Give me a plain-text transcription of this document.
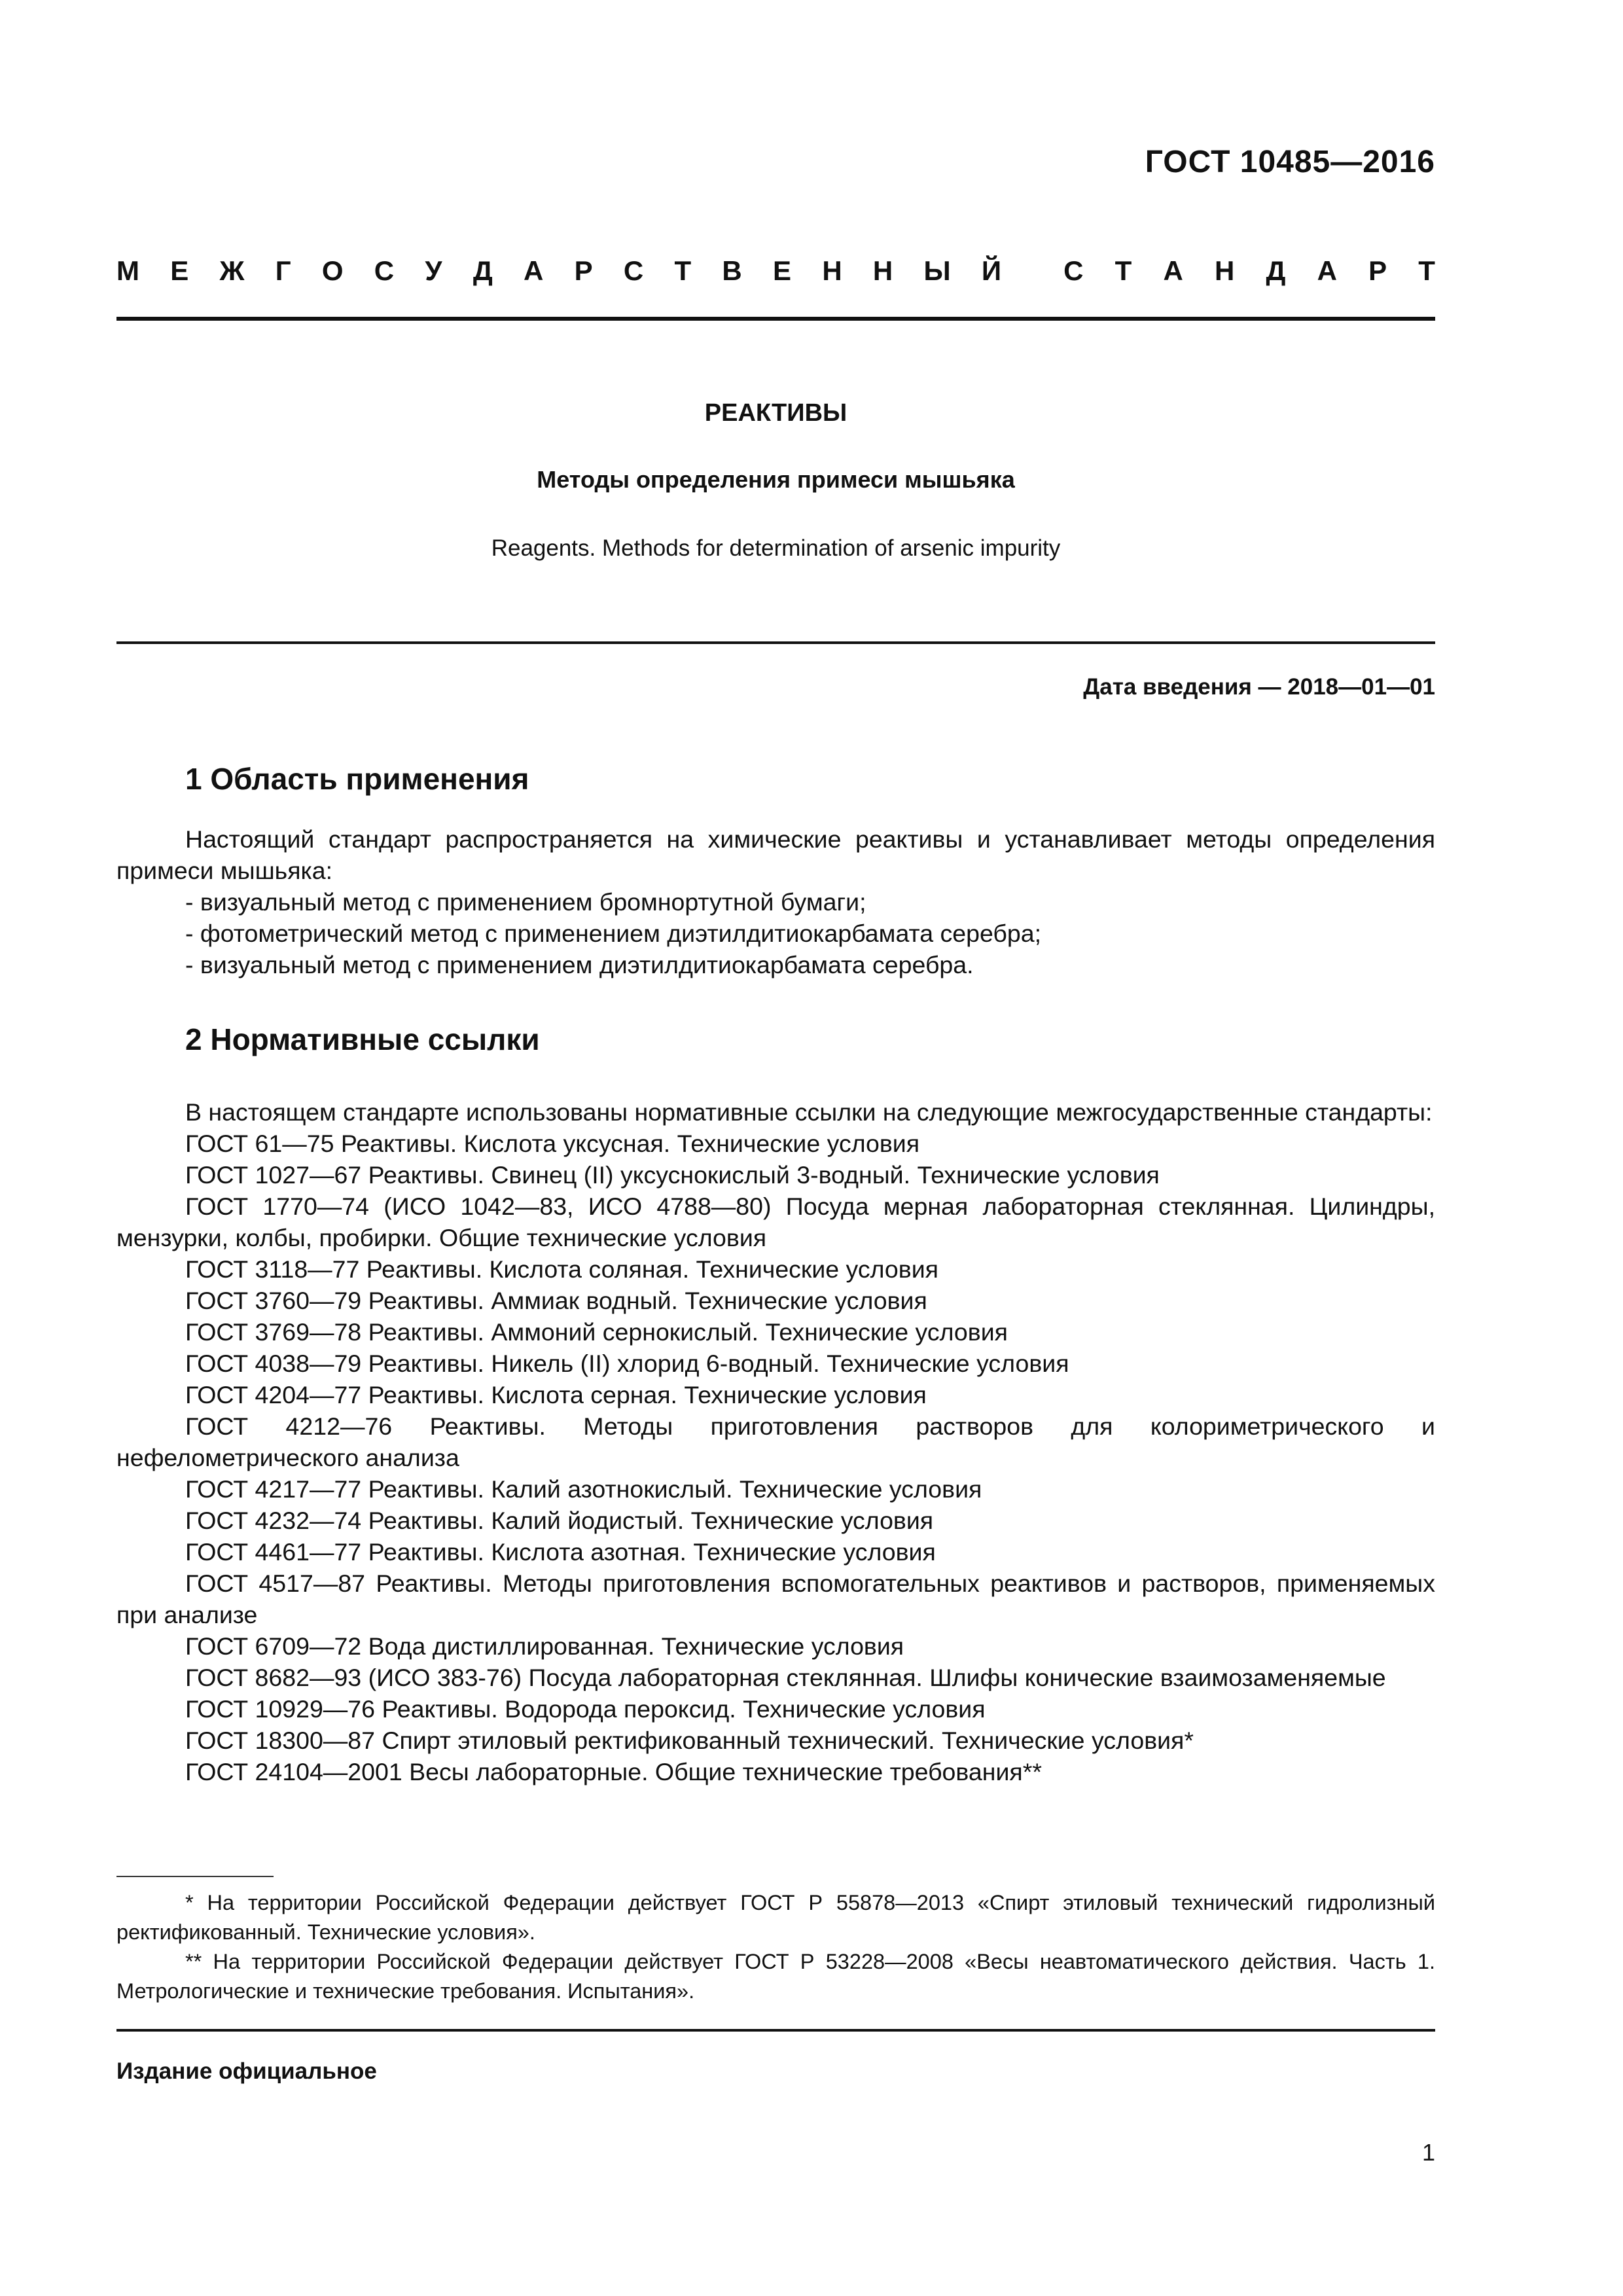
ГОСТ 10485—2016
М Е Ж Г О С У Д А Р С Т В Е Н Н Ы Й С Т А Н Д А Р Т
РЕАКТИВЫ
Методы определения примеси мышьяка
Reagents. Methods for determination of arsenic impurity
Дата введения — 2018—01—01
1 Область применения

Настоящий стандарт распространяется на химические реактивы и устанавливает методы определения примеси мышьяка:

- визуальный метод с применением бромнортутной бумаги;

- фотометрический метод с применением диэтилдитиокарбамата серебра;

- визуальный метод с применением диэтилдитиокарбамата серебра.

2 Нормативные ссылки

В настоящем стандарте использованы нормативные ссылки на следующие межгосударственные стандарты:

ГОСТ 61—75 Реактивы. Кислота уксусная. Технические условия

ГОСТ 1027—67 Реактивы. Свинец (II) уксуснокислый 3-водный. Технические условия

ГОСТ 1770—74 (ИСО 1042—83, ИСО 4788—80) Посуда мерная лабораторная стеклянная. Цилиндры, мензурки, колбы, пробирки. Общие технические условия

ГОСТ 3118—77 Реактивы. Кислота соляная. Технические условия

ГОСТ 3760—79 Реактивы. Аммиак водный. Технические условия

ГОСТ 3769—78 Реактивы. Аммоний сернокислый. Технические условия

ГОСТ 4038—79 Реактивы. Никель (II) хлорид 6-водный. Технические условия

ГОСТ 4204—77 Реактивы. Кислота серная. Технические условия

ГОСТ 4212—76 Реактивы. Методы приготовления растворов для колориметрического и нефелометрического анализа

ГОСТ 4217—77 Реактивы. Калий азотнокислый. Технические условия

ГОСТ 4232—74 Реактивы. Калий йодистый. Технические условия

ГОСТ 4461—77 Реактивы. Кислота азотная. Технические условия

ГОСТ 4517—87 Реактивы. Методы приготовления вспомогательных реактивов и растворов, применяемых при анализе

ГОСТ 6709—72 Вода дистиллированная. Технические условия

ГОСТ 8682—93 (ИСО 383-76) Посуда лабораторная стеклянная. Шлифы конические взаимозаменяемые

ГОСТ 10929—76 Реактивы. Водорода пероксид. Технические условия

ГОСТ 18300—87 Спирт этиловый ректификованный технический. Технические условия*

ГОСТ 24104—2001 Весы лабораторные. Общие технические требования**

* На территории Российской Федерации действует ГОСТ Р 55878—2013 «Спирт этиловый технический гидролизный ректификованный. Технические условия».

** На территории Российской Федерации действует ГОСТ Р 53228—2008 «Весы неавтоматического действия. Часть 1. Метрологические и технические требования. Испытания».

Издание официальное
1
